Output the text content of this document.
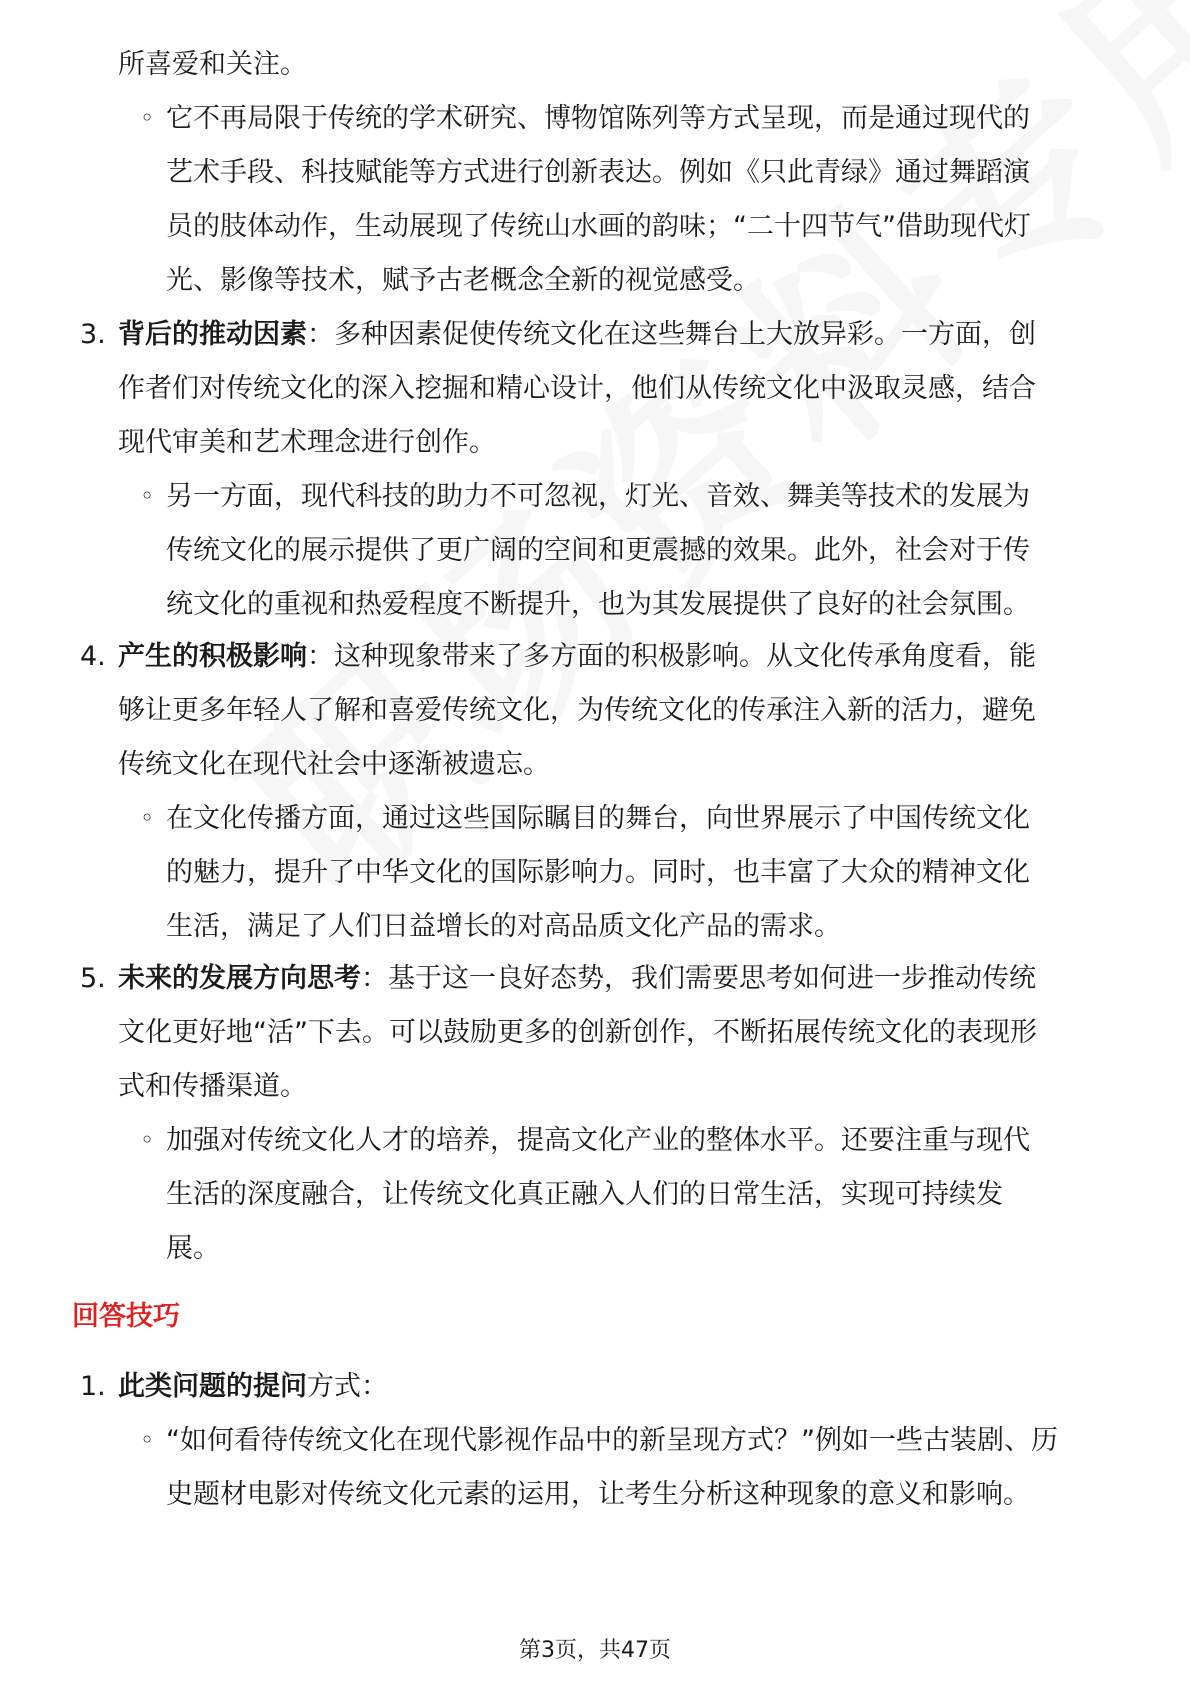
所喜爱和关注。
◦ 它不再局限于传统的学术研究、博物馆陈列等方式呈现，而是通过现代的
艺术手段、科技赋能等方式进行创新表达。例如《只此青绿》通过舞蹈演
员的肢体动作，生动展现了传统山水画的韵味；“二十四节气”借助现代灯
光、影像等技术，赋予古老概念全新的视觉感受。
3. 背后的推动因素：多种因素促使传统文化在这些舞台上大放异彩。一方面，创
作者们对传统文化的深入挖掘和精心设计，他们从传统文化中汲取灵感，结合
现代审美和艺术理念进行创作。
◦ 另一方面，现代科技的助力不可忽视，灯光、音效、舞美等技术的发展为
传统文化的展示提供了更广阔的空间和更震撼的效果。此外，社会对于传
统文化的重视和热爱程度不断提升，也为其发展提供了良好的社会氛围。
4. 产生的积极影响：这种现象带来了多方面的积极影响。从文化传承角度看，能
够让更多年轻人了解和喜爱传统文化，为传统文化的传承注入新的活力，避免
传统文化在现代社会中逐渐被遗忘。
◦ 在文化传播方面，通过这些国际瞩目的舞台，向世界展示了中国传统文化
的魅力，提升了中华文化的国际影响力。同时，也丰富了大众的精神文化
生活，满足了人们日益增长的对高品质文化产品的需求。
5. 未来的发展方向思考：基于这一良好态势，我们需要思考如何进一步推动传统
文化更好地“活”下去。可以鼓励更多的创新创作，不断拓展传统文化的表现形
式和传播渠道。
◦ 加强对传统文化人才的培养，提高文化产业的整体水平。还要注重与现代
生活的深度融合，让传统文化真正融入人们的日常生活，实现可持续发
展。
回答技巧
1. 此类问题的提问方式：
◦ “如何看待传统文化在现代影视作品中的新呈现方式？”例如一些古装剧、历
史题材电影对传统文化元素的运用，让考生分析这种现象的意义和影响。
第3页，共47页
